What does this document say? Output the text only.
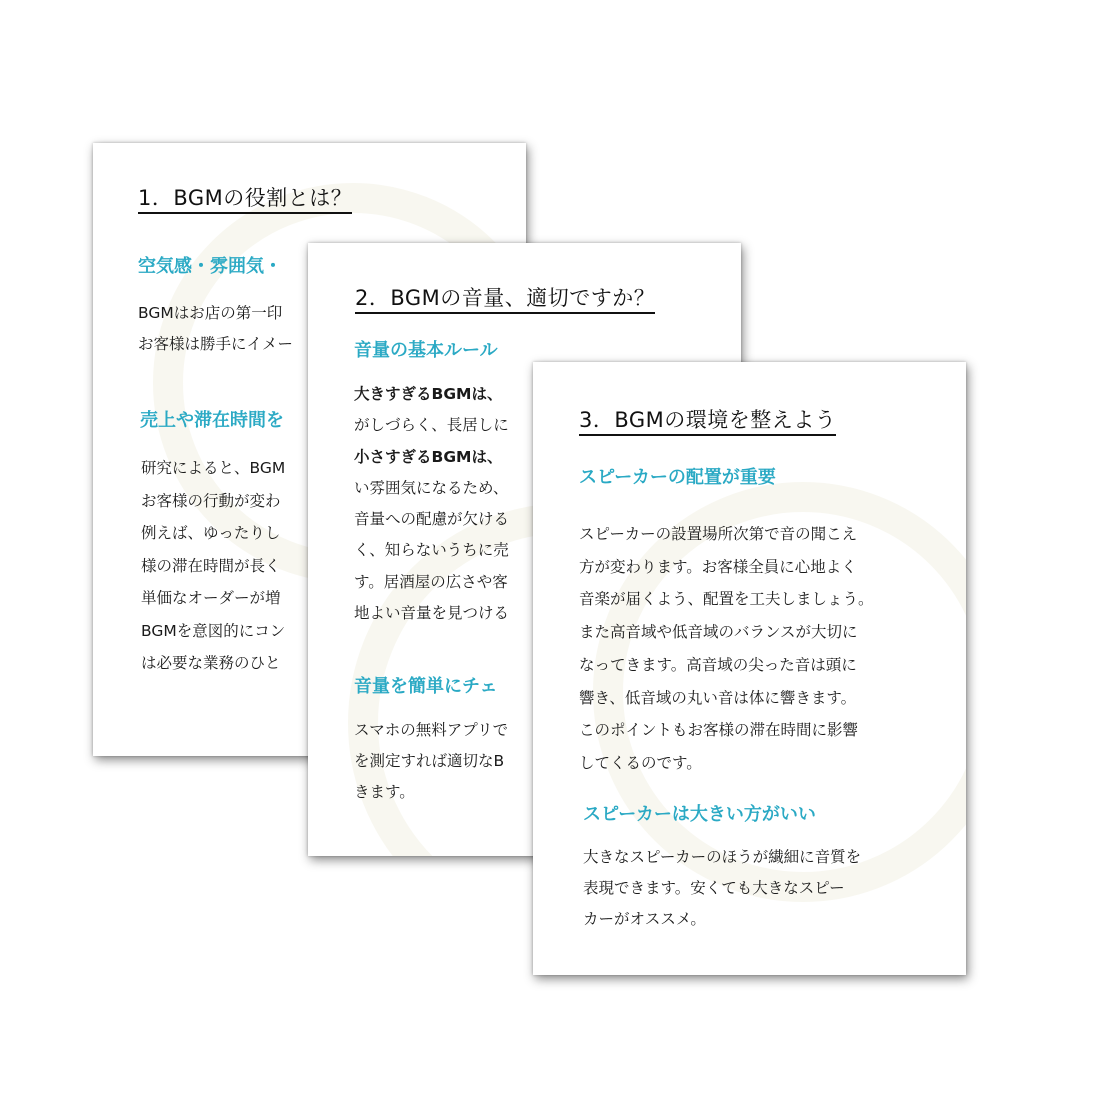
1．BGMの役割とは？
空気感・雰囲気・
BGMはお店の第一印
お客様は勝手にイメー
売上や滞在時間を
研究によると、BGM
お客様の行動が変わ
例えば、ゆったりし
様の滞在時間が長く
単価なオーダーが増
BGMを意図的にコン
は必要な業務のひと
2．BGMの音量、適切ですか？
音量の基本ルール
大きすぎるBGMは、
がしづらく、長居しに
小さすぎるBGMは、
い雰囲気になるため、
音量への配慮が欠ける
く、知らないうちに売
す。居酒屋の広さや客
地よい音量を見つける
音量を簡単にチェ
スマホの無料アプリで
を測定すれば適切なB
きます。
3．BGMの環境を整えよう
スピーカーの配置が重要
スピーカーの設置場所次第で音の聞こえ
方が変わります。お客様全員に心地よく
音楽が届くよう、配置を工夫しましょう。
また高音域や低音域のバランスが大切に
なってきます。高音域の尖った音は頭に
響き、低音域の丸い音は体に響きます。
このポイントもお客様の滞在時間に影響
してくるのです。
スピーカーは大きい方がいい
大きなスピーカーのほうが繊細に音質を
表現できます。安くても大きなスピー
カーがオススメ。
